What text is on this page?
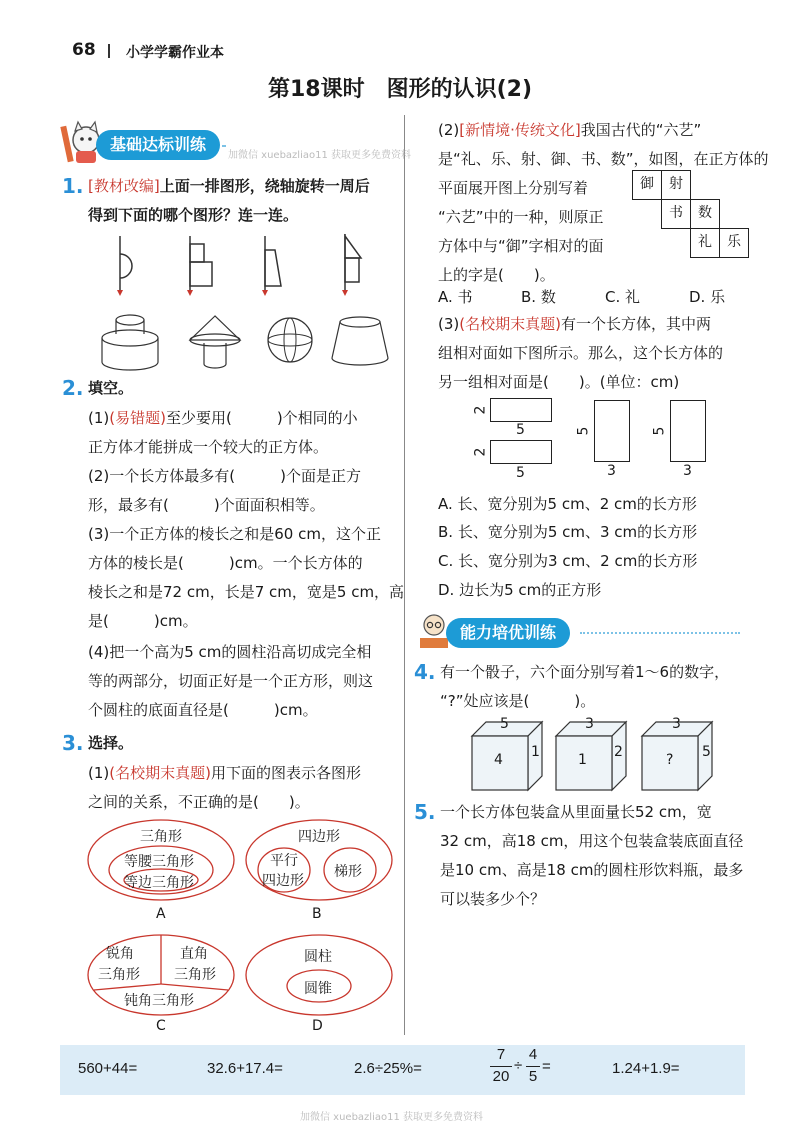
68 小学学霸作业本
第18课时　图形的认识(2)
基础达标训练
加微信 xuebazliao11 获取更多免费资料
1. [教材改编]上面一排图形，绕轴旋转一周后
得到下面的哪个图形？连一连。
2. 填空。
(1)(易错题)至少要用(　　　)个相同的小
正方体才能拼成一个较大的正方体。
(2)一个长方体最多有(　　　)个面是正方
形，最多有(　　　)个面面积相等。
(3)一个正方体的棱长之和是60 cm，这个正
方体的棱长是(　　　)cm。一个长方体的
棱长之和是72 cm，长是7 cm，宽是5 cm，高
是(　　　)cm。
(4)把一个高为5 cm的圆柱沿高切成完全相
等的两部分，切面正好是一个正方形，则这
个圆柱的底面直径是(　　　)cm。
3. 选择。
(1)(名校期末真题)用下面的图表示各图形
之间的关系，不正确的是(　　)。
三角形
等腰三角形
等边三角形
A
四边形
平行
四边形
梯形
B
锐角
三角形
直角
三角形
钝角三角形
C
圆柱
圆锥
D
(2)[新情境·传统文化]我国古代的“六艺”
是“礼、乐、射、御、书、数”，如图，在正方体的
平面展开图上分别写着
“六艺”中的一种，则原正
方体中与“御”字相对的面
上的字是(　　)。
御	射
书	数
礼	乐
A. 书	B. 数	C. 礼	D. 乐
(3)(名校期末真题)有一个长方体，其中两
组相对面如下图所示。那么，这个长方体的
另一组相对面是(　　)。(单位：cm)
2
5
2
5
5
3
5
3
A. 长、宽分别为5 cm、2 cm的长方形
B. 长、宽分别为5 cm、3 cm的长方形
C. 长、宽分别为3 cm、2 cm的长方形
D. 边长为5 cm的正方形
能力培优训练
4. 有一个骰子，六个面分别写着1～6的数字，
“?”处应该是(　　　)。
5
4 1
3
1 2
3
? 5
5. 一个长方体包装盒从里面量长52 cm，宽
32 cm，高18 cm，用这个包装盒装底面直径
是10 cm、高是18 cm的圆柱形饮料瓶，最多
可以装多少个？
560+44=	32.6+17.4=	2.6÷25%=
7
20
÷
4
5
=	1.24+1.9=
加微信 xuebazliao11 获取更多免费资料
